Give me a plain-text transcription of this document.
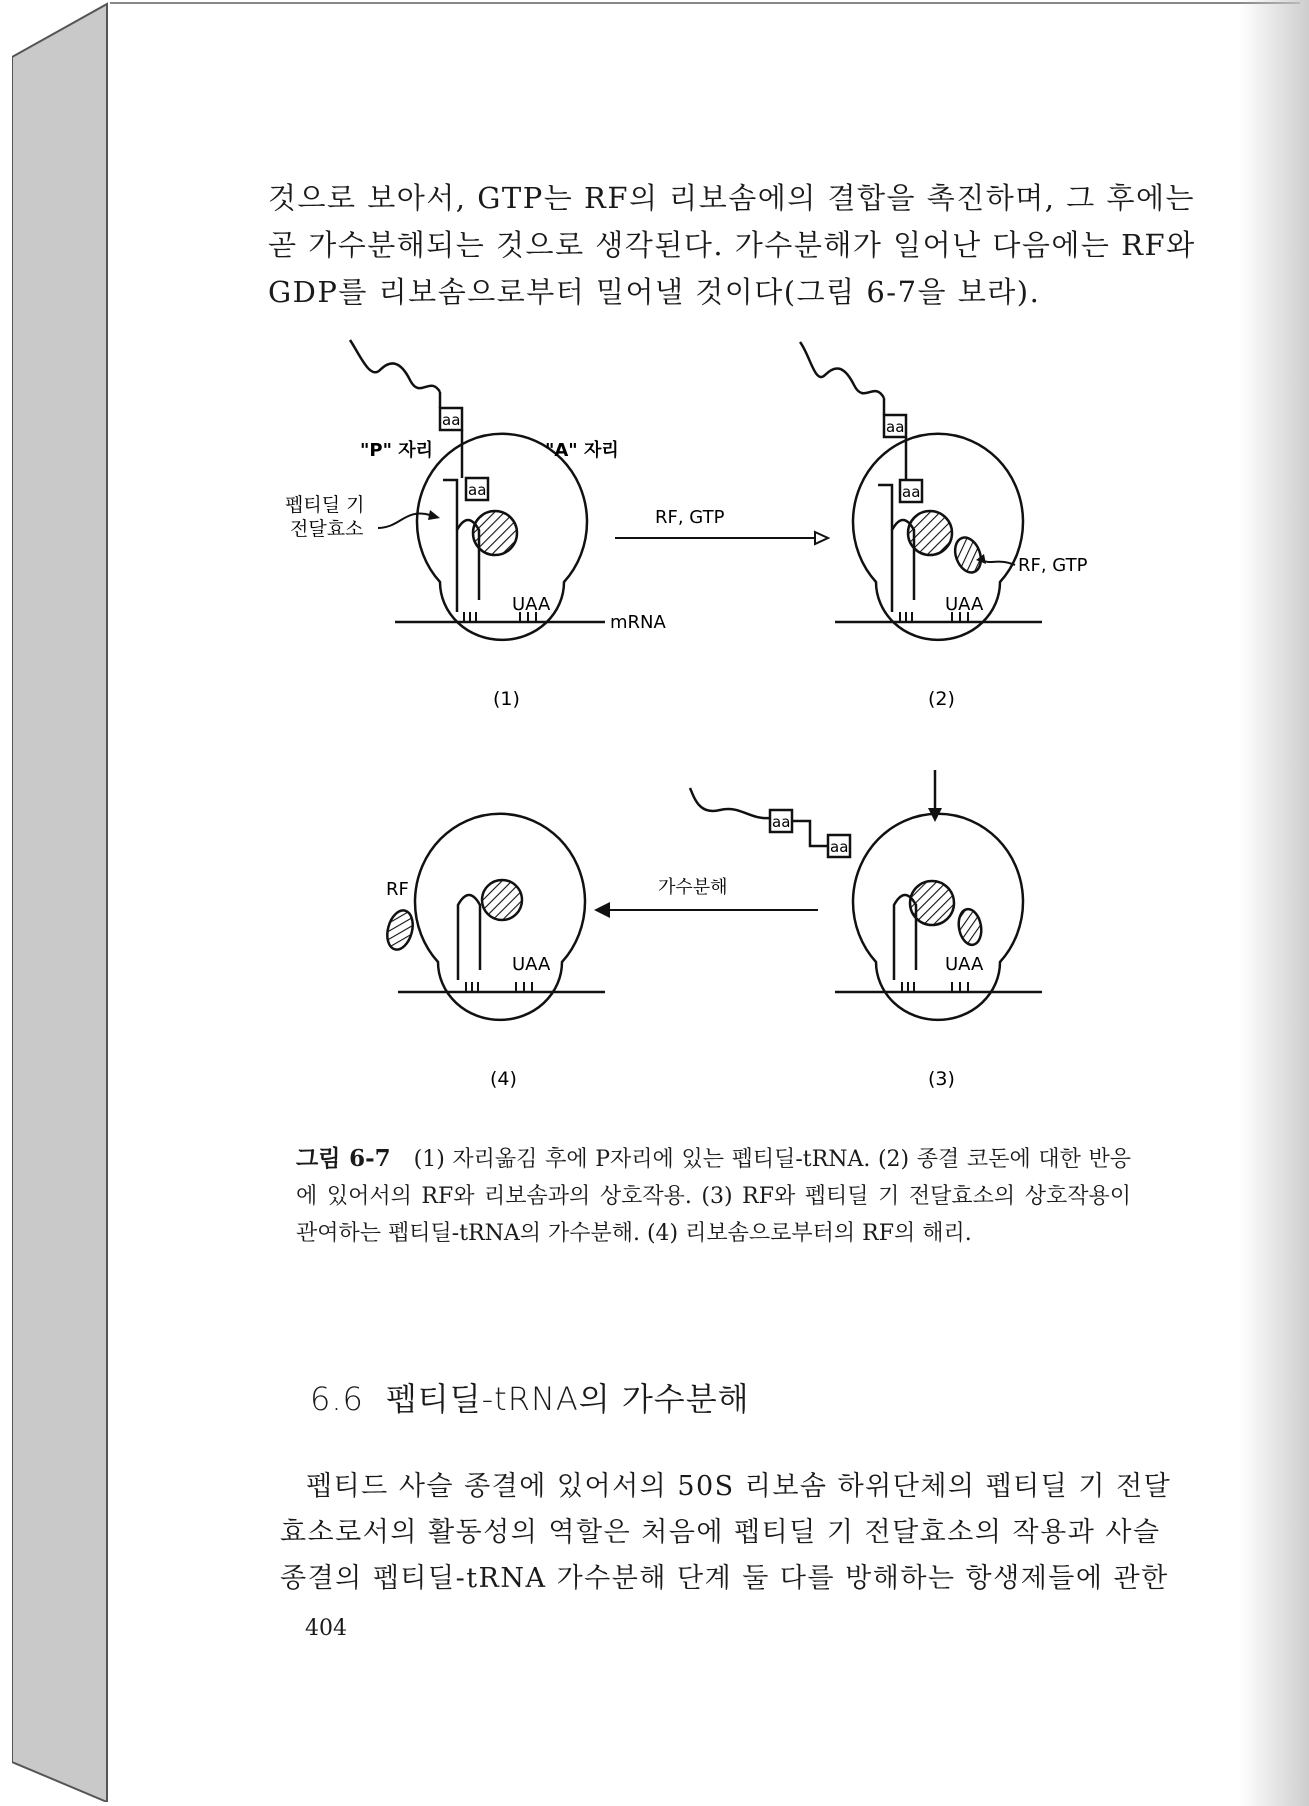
것으로 보아서, GTP는 RF의 리보솜에의 결합을 촉진하며, 그 후에는
곧 가수분해되는 것으로 생각된다. 가수분해가 일어난 다음에는 RF와
GDP를 리보솜으로부터 밀어낼 것이다(그림 6-7을 보라).
aa
aa
"P" 자리	"A" 자리
펩티딜 기
전달효소
UAA
mRNA
(1)
RF, GTP
aa
aa
RF, GTP
UAA
(2)
aa
aa
UAA
(3)
가수분해
RF
UAA
(4)
그림 6-7 (1) 자리옮김 후에 P자리에 있는 펩티딜-tRNA. (2) 종결 코돈에 대한 반응에 있어서의 RF와 리보솜과의 상호작용. (3) RF와 펩티딜 기 전달효소의 상호작용이 관여하는 펩티딜-tRNA의 가수분해. (4) 리보솜으로부터의 RF의 해리.
6.6 펩티딜-tRNA의 가수분해
펩티드 사슬 종결에 있어서의 50S 리보솜 하위단체의 펩티딜 기 전달
효소로서의 활동성의 역할은 처음에 펩티딜 기 전달효소의 작용과 사슬
종결의 펩티딜-tRNA 가수분해 단계 둘 다를 방해하는 항생제들에 관한
404
